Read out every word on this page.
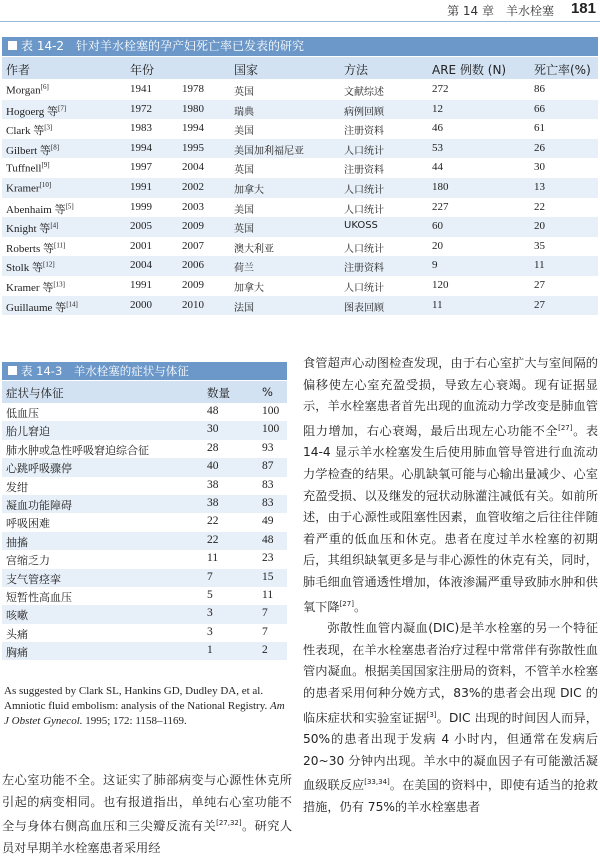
第 14 章　羊水栓塞 181
表 14-2　针对羊水栓塞的孕产妇死亡率已发表的研究
作者	年份	国家	方法	ARE 例数 (N) 死亡率(%)
Morgan[6]	1941	1978	英国	文献综述	272	86
Hogoerg 等[7]	1972	1980	瑞典	病例回顾	12	66
Clark 等[3]	1983	1994	美国	注册资料	46	61
Gilbert 等[8]	1994	1995	美国加利福尼亚	人口统计	53	26
Tuffnell[9]	1997	2004	英国	注册资料	44	30
Kramer[10]	1991	2002	加拿大	人口统计	180	13
Abenhaim 等[5]	1999	2003	美国	人口统计	227	22
Knight 等[4]	2005	2009	英国	UKOSS	60	20
Roberts 等[11]	2001	2007	澳大利亚	人口统计	20	35
Stolk 等[12]	2004	2006	荷兰	注册资料	9	11
Kramer 等[13]	1991	2009	加拿大	人口统计	120	27
Guillaume 等[14]	2000	2010	法国	图表回顾	11	27
表 14-3　羊水栓塞的症状与体征
症状与体征	数量	%
低血压	48	100
胎儿窘迫	30	100
肺水肿或急性呼吸窘迫综合征	28	93
心跳呼吸骤停	40	87
发绀	38	83
凝血功能障碍	38	83
呼吸困难	22	49
抽搐	22	48
宫缩乏力	11	23
支气管痉挛	7	15
短暂性高血压	5	11
咳嗽	3	7
头痛	3	7
胸痛	1	2
As suggested by Clark SL, Hankins GD, Dudley DA, et al. Amniotic fluid embolism: analysis of the National Registry. Am J Obstet Gynecol. 1995; 172: 1158–1169.

食管超声心动图检查发现，由于右心室扩大与室间隔的偏移使左心室充盈受损，导致左心衰竭。现有证据显示，羊水栓塞患者首先出现的血流动力学改变是肺血管阻力增加，右心衰竭，最后出现左心功能不全[27]。表 14-4 显示羊水栓塞发生后使用肺血管导管进行血流动力学检查的结果。心肌缺氧可能与心输出量减少、心室充盈受损、以及继发的冠状动脉灌注减低有关。如前所述，由于心源性或阻塞性因素，血管收缩之后往往伴随着严重的低血压和休克。患者在度过羊水栓塞的初期后，其组织缺氧更多是与非心源性的休克有关，同时，肺毛细血管通透性增加，体液渗漏严重导致肺水肿和供氧下降[27]。

弥散性血管内凝血(DIC)是羊水栓塞的另一个特征性表现，在羊水栓塞患者治疗过程中常常伴有弥散性血管内凝血。根据美国国家注册局的资料，不管羊水栓塞的患者采用何种分娩方式，83%的患者会出现 DIC 的临床症状和实验室证据[3]。DIC 出现的时间因人而异，50%的患者出现于发病 4 小时内，但通常在发病后 20~30 分钟内出现。羊水中的凝血因子有可能激活凝血级联反应[33,34]。在美国的资料中，即使有适当的抢救措施，仍有 75%的羊水栓塞患者

左心室功能不全。这证实了肺部病变与心源性休克所引起的病变相同。也有报道指出，单纯右心室功能不全与身体右侧高血压和三尖瓣反流有关[27,32]。研究人员对早期羊水栓塞患者采用经
